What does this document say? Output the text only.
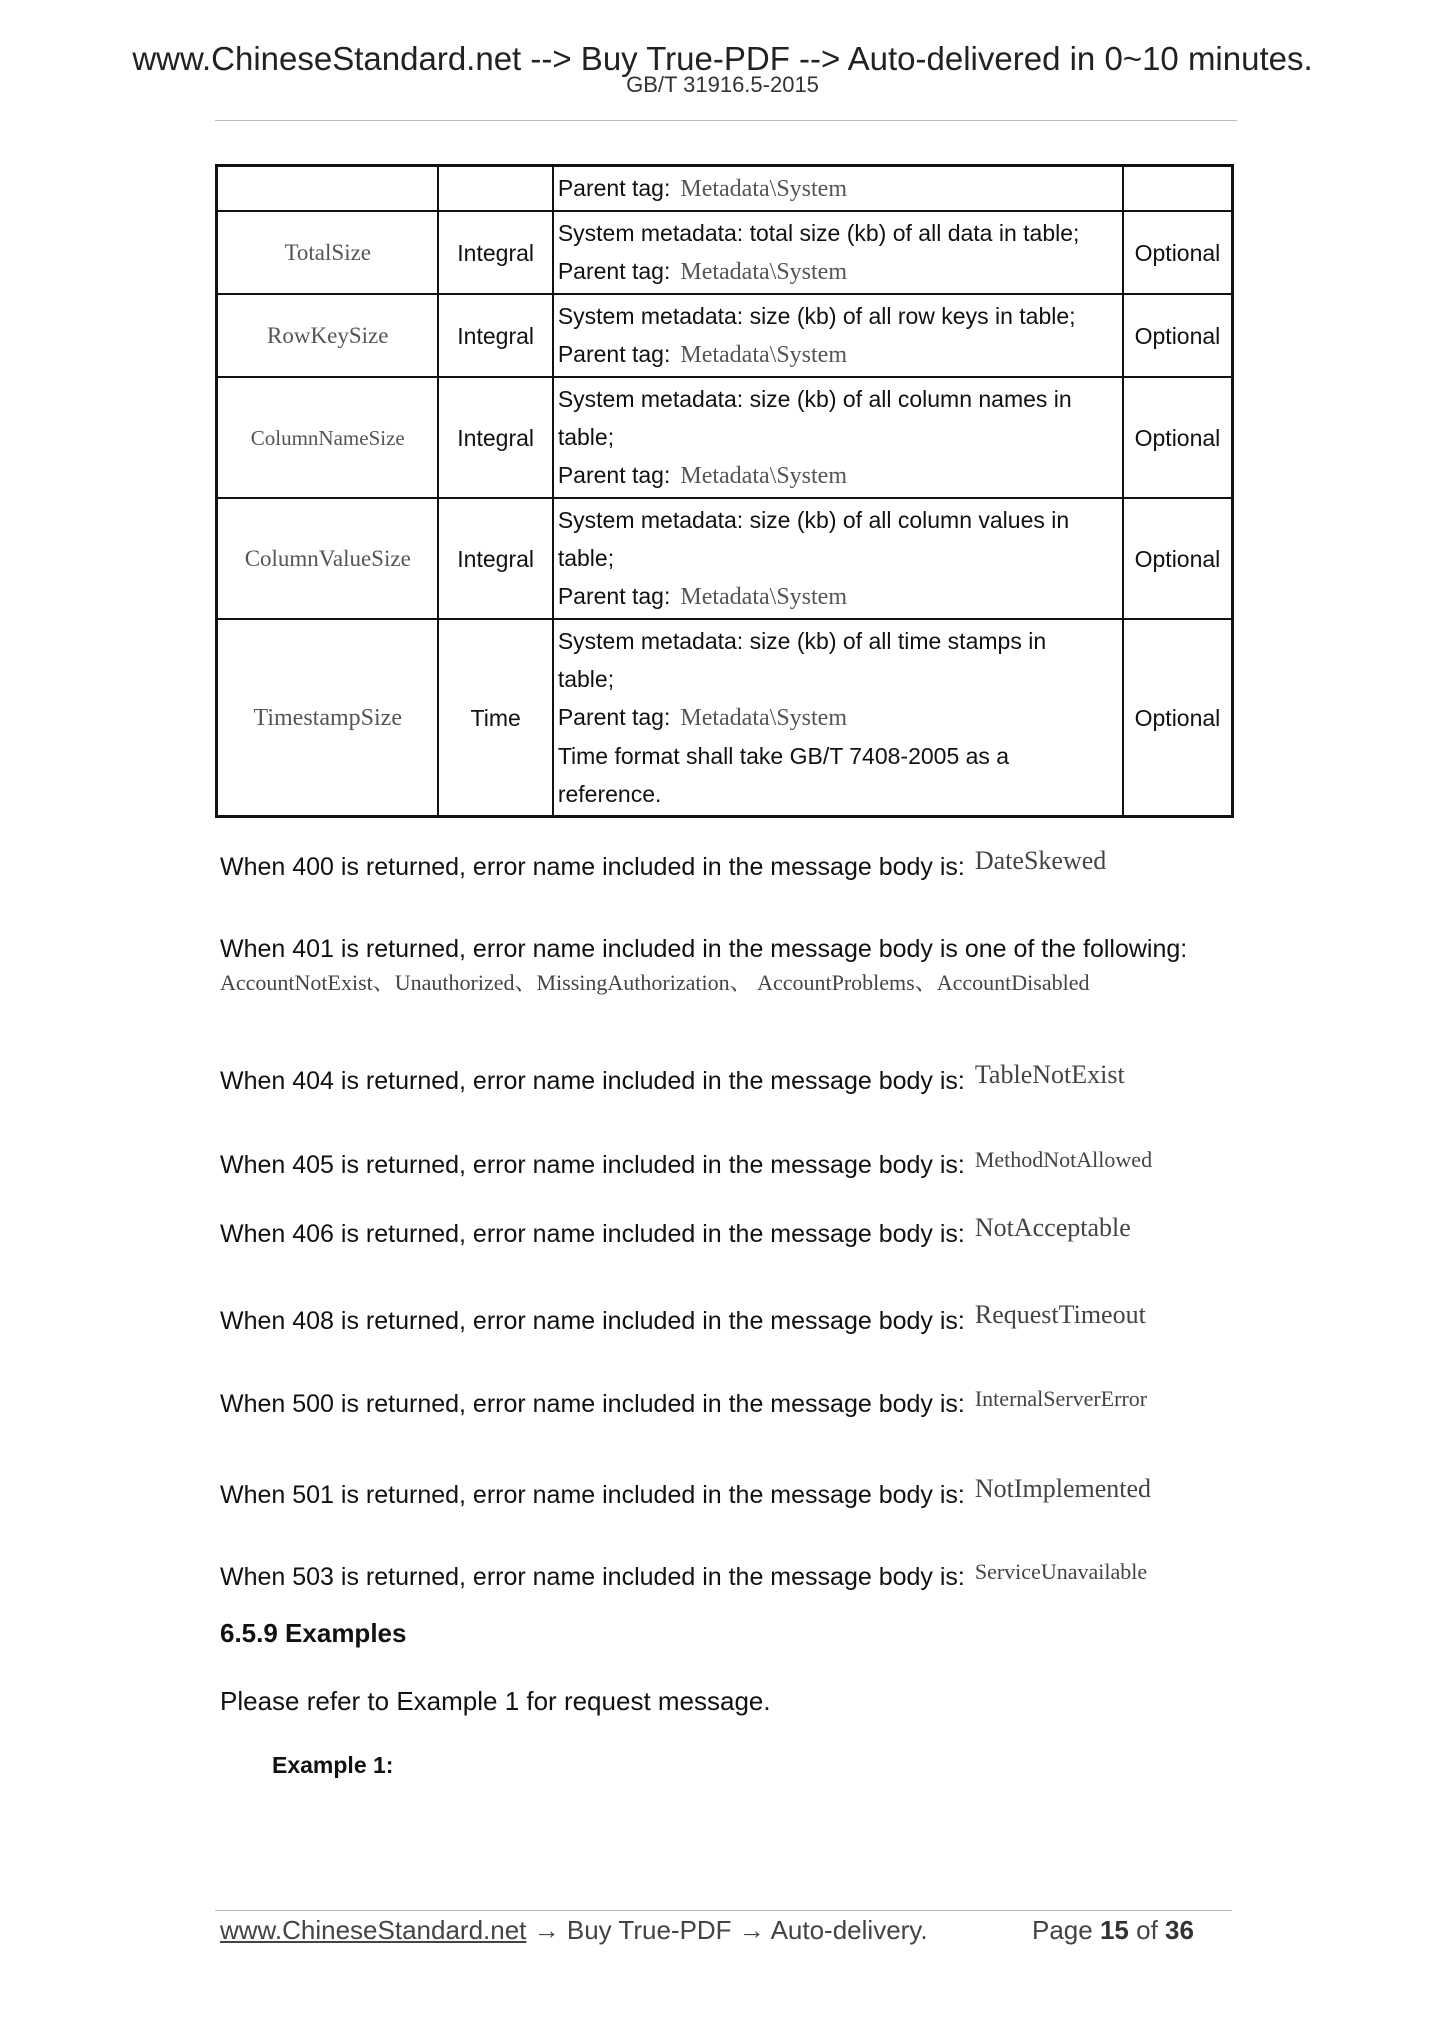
www.ChineseStandard.net --> Buy True-PDF --> Auto-delivered in 0~10 minutes.
GB/T 31916.5-2015
		Parent tag: Metadata\System	
TotalSize	Integral	System metadata: total size (kb) of all data in table;
Parent tag: Metadata\System	Optional
RowKeySize	Integral	System metadata: size (kb) of all row keys in table;
Parent tag: Metadata\System	Optional
ColumnNameSize	Integral	System metadata: size (kb) of all column names in
table;
Parent tag: Metadata\System	Optional
ColumnValueSize	Integral	System metadata: size (kb) of all column values in
table;
Parent tag: Metadata\System	Optional
TimestampSize	Time	System metadata: size (kb) of all time stamps in
table;
Parent tag: Metadata\System
Time format shall take GB/T 7408-2005 as a
reference.	Optional
When 400 is returned, error name included in the message body is: DateSkewed
When 401 is returned, error name included in the message body is one of the following:
AccountNotExist、Unauthorized、MissingAuthorization、 AccountProblems、AccountDisabled
When 404 is returned, error name included in the message body is: TableNotExist
When 405 is returned, error name included in the message body is: MethodNotAllowed
When 406 is returned, error name included in the message body is: NotAcceptable
When 408 is returned, error name included in the message body is: RequestTimeout
When 500 is returned, error name included in the message body is: InternalServerError
When 501 is returned, error name included in the message body is: NotImplemented
When 503 is returned, error name included in the message body is: ServiceUnavailable
6.5.9 Examples
Please refer to Example 1 for request message.
Example 1:
www.ChineseStandard.net → Buy True-PDF → Auto-delivery.	Page 15 of 36
